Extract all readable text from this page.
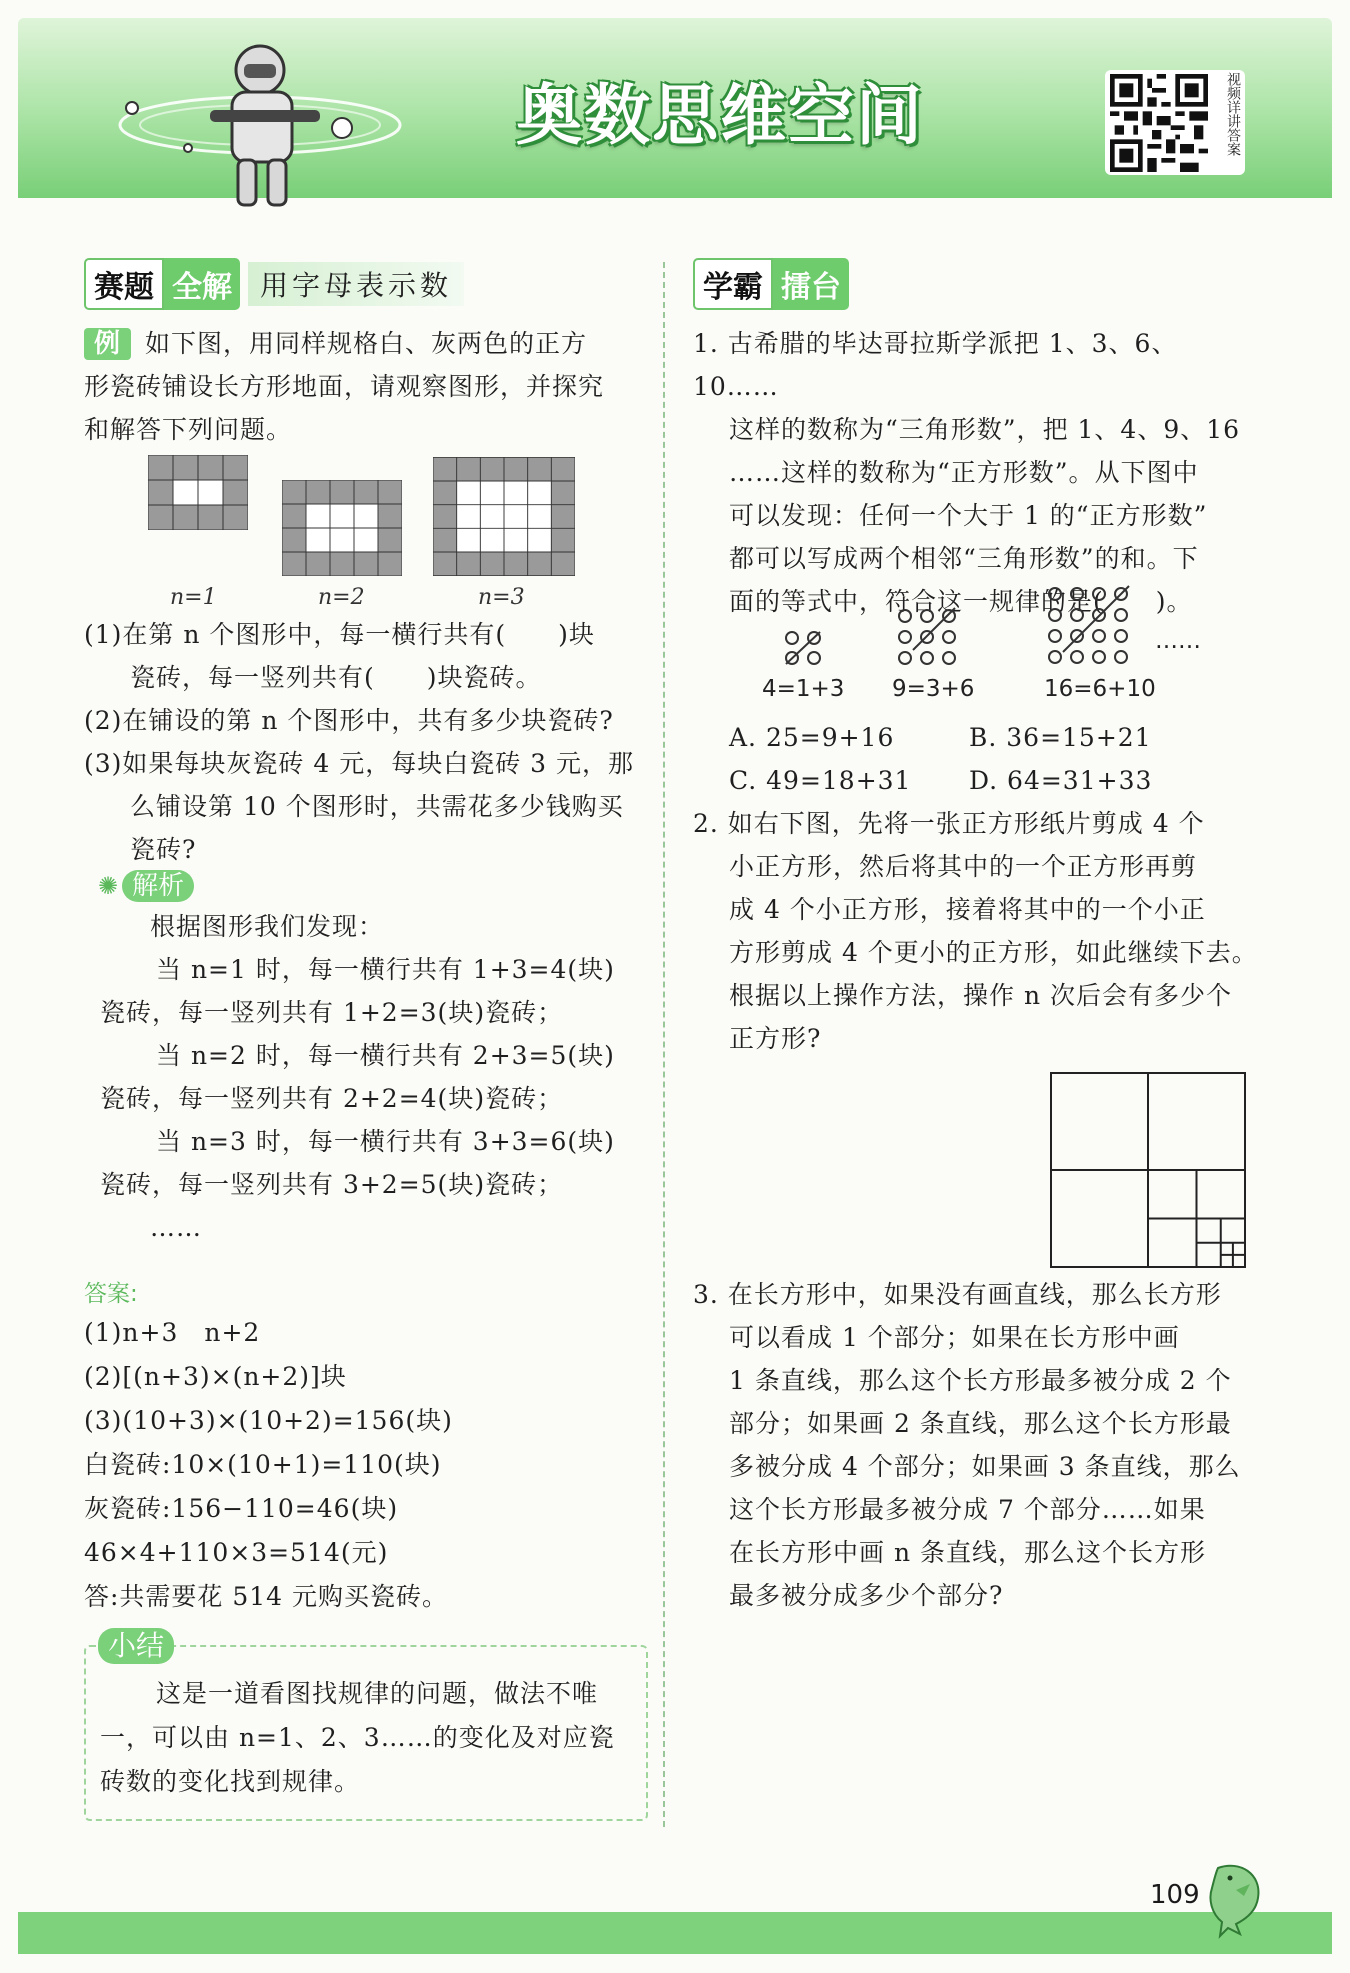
奥数思维空间	视频详讲答案
赛题 全解	用字母表示数
例 如下图，用同样规格白、灰两色的正方
形瓷砖铺设长方形地面，请观察图形，并探究
和解答下列问题。
n=1	n=2	n=3
(1)在第 n 个图形中，每一横行共有(　　)块
瓷砖，每一竖列共有(　　)块瓷砖。
(2)在铺设的第 n 个图形中，共有多少块瓷砖?
(3)如果每块灰瓷砖 4 元，每块白瓷砖 3 元，那
么铺设第 10 个图形时，共需花多少钱购买
瓷砖?
✺ 解析
根据图形我们发现：
当 n=1 时，每一横行共有 1+3=4(块)
瓷砖，每一竖列共有 1+2=3(块)瓷砖；
当 n=2 时，每一横行共有 2+3=5(块)
瓷砖，每一竖列共有 2+2=4(块)瓷砖；
当 n=3 时，每一横行共有 3+3=6(块)
瓷砖，每一竖列共有 3+2=5(块)瓷砖；
……
答案:
(1)n+3　n+2
(2)[(n+3)×(n+2)]块
(3)(10+3)×(10+2)=156(块)
白瓷砖:10×(10+1)=110(块)
灰瓷砖:156−110=46(块)
46×4+110×3=514(元)
答:共需要花 514 元购买瓷砖。
小结
这是一道看图找规律的问题，做法不唯
一，可以由 n=1、2、3……的变化及对应瓷
砖数的变化找到规律。
学霸 擂台
1. 古希腊的毕达哥拉斯学派把 1、3、6、10……
这样的数称为“三角形数”，把 1、4、9、16
……这样的数称为“正方形数”。从下图中
可以发现：任何一个大于 1 的“正方形数”
都可以写成两个相邻“三角形数”的和。下
面的等式中，符合这一规律的是(　　)。
……
4=1+3 9=3+6	16=6+10
A. 25=9+16	B. 36=15+21
C. 49=18+31 D. 64=31+33
2. 如右下图，先将一张正方形纸片剪成 4 个
小正方形，然后将其中的一个正方形再剪
成 4 个小正方形，接着将其中的一个小正
方形剪成 4 个更小的正方形，如此继续下去。
根据以上操作方法，操作 n 次后会有多少个
正方形?
3. 在长方形中，如果没有画直线，那么长方形
可以看成 1 个部分；如果在长方形中画
1 条直线，那么这个长方形最多被分成 2 个
部分；如果画 2 条直线，那么这个长方形最
多被分成 4 个部分；如果画 3 条直线，那么
这个长方形最多被分成 7 个部分……如果
在长方形中画 n 条直线，那么这个长方形
最多被分成多少个部分?
109
